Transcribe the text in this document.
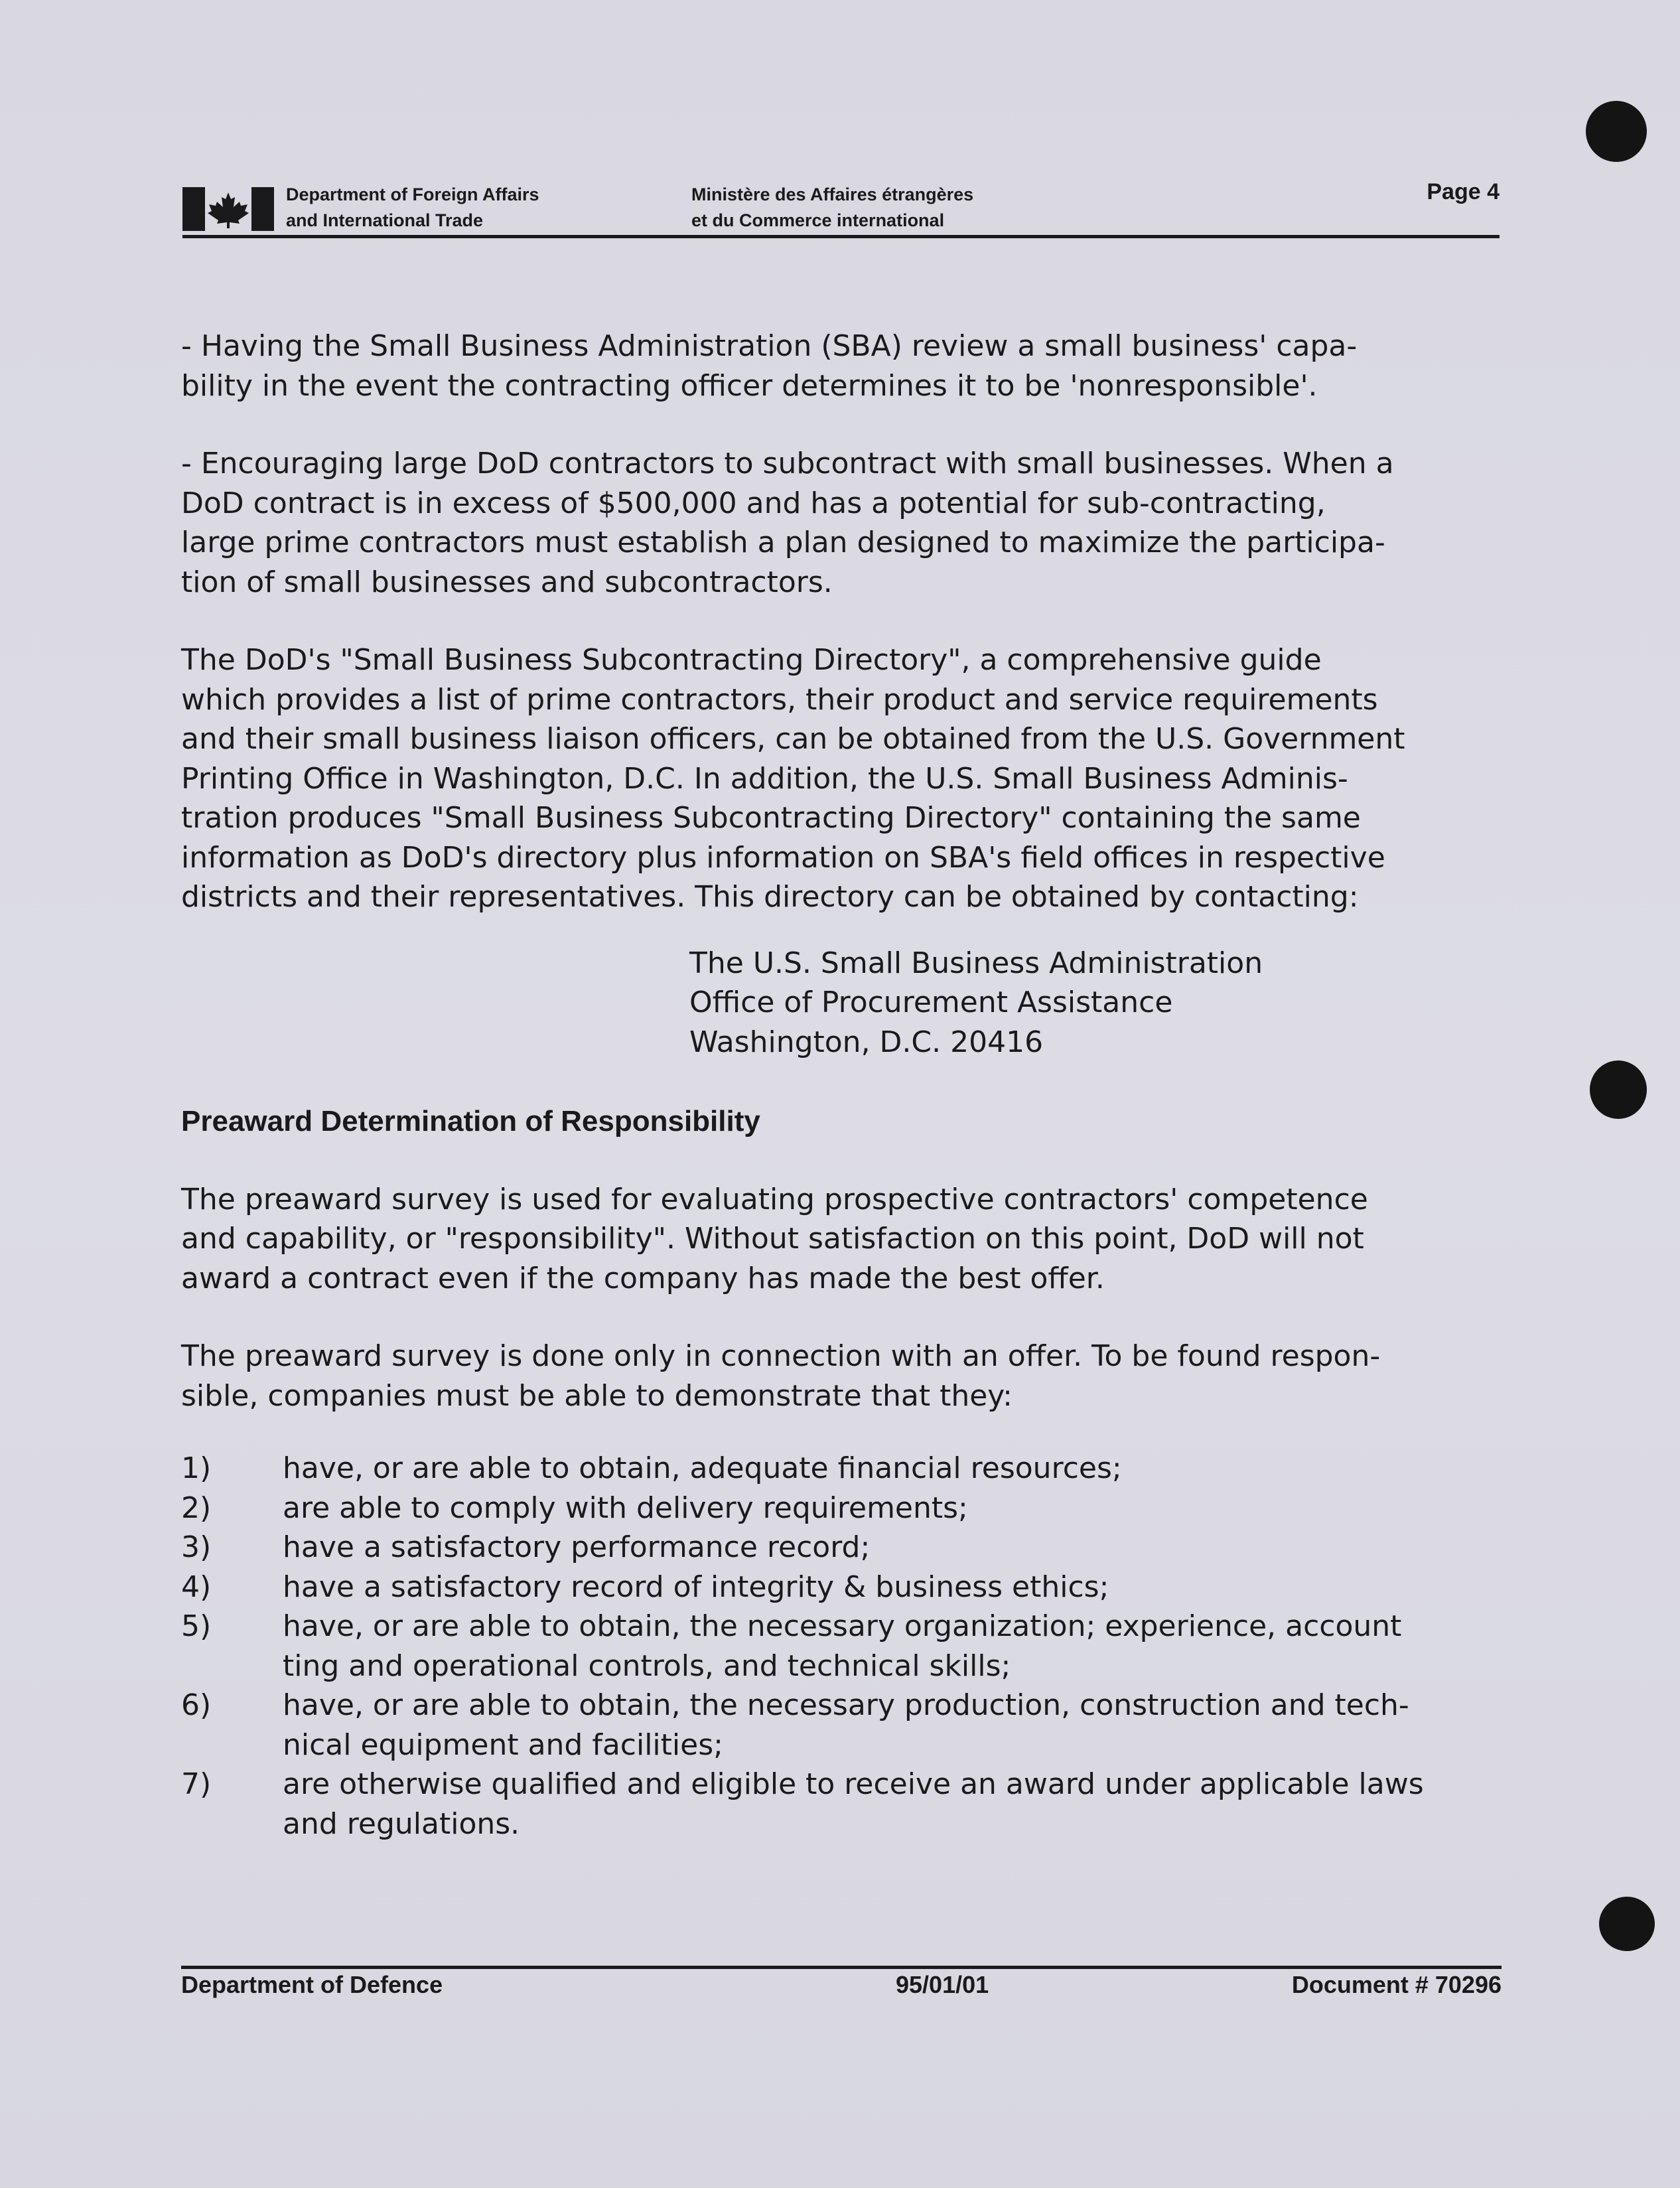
Department of Foreign Affairs
and International Trade
Ministère des Affaires étrangères
et du Commerce international
Page 4

- Having the Small Business Administration (SBA) review a small business' capa-
bility in the event the contracting officer determines it to be 'nonresponsible'.

- Encouraging large DoD contractors to subcontract with small businesses. When a
DoD contract is in excess of $500,000 and has a potential for sub-contracting,
large prime contractors must establish a plan designed to maximize the participa-
tion of small businesses and subcontractors.

The DoD's "Small Business Subcontracting Directory", a comprehensive guide
which provides a list of prime contractors, their product and service requirements
and their small business liaison officers, can be obtained from the U.S. Government
Printing Office in Washington, D.C. In addition, the U.S. Small Business Adminis-
tration produces "Small Business Subcontracting Directory" containing the same
information as DoD's directory plus information on SBA's field offices in respective
districts and their representatives. This directory can be obtained by contacting:

The U.S. Small Business Administration
Office of Procurement Assistance
Washington, D.C. 20416

Preaward Determination of Responsibility

The preaward survey is used for evaluating prospective contractors' competence
and capability, or "responsibility". Without satisfaction on this point, DoD will not
award a contract even if the company has made the best offer.

The preaward survey is done only in connection with an offer. To be found respon-
sible, companies must be able to demonstrate that they:

1) have, or are able to obtain, adequate financial resources;
2) are able to comply with delivery requirements;
3) have a satisfactory performance record;
4) have a satisfactory record of integrity & business ethics;
5) have, or are able to obtain, the necessary organization; experience, account
ting and operational controls, and technical skills;
6) have, or are able to obtain, the necessary production, construction and tech-
nical equipment and facilities;
7) are otherwise qualified and eligible to receive an award under applicable laws
and regulations.
Department of Defence	95/01/01	Document # 70296
